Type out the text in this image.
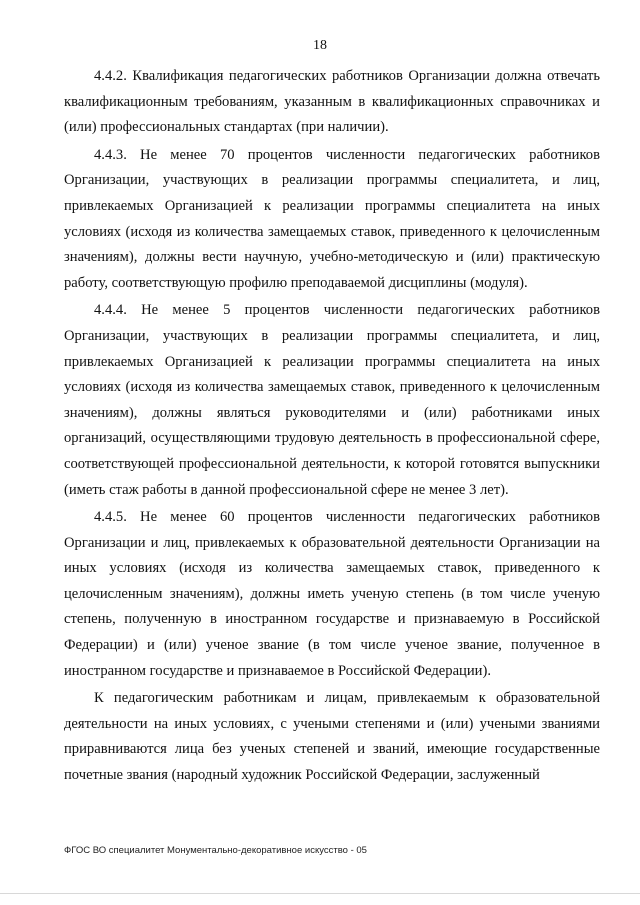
18

4.4.2. Квалификация педагогических работников Организации должна отвечать квалификационным требованиям, указанным в квалификационных справочниках и (или) профессиональных стандартах (при наличии).

4.4.3. Не менее 70 процентов численности педагогических работников Организации, участвующих в реализации программы специалитета, и лиц, привлекаемых Организацией к реализации программы специалитета на иных условиях (исходя из количества замещаемых ставок, приведенного к целочисленным значениям), должны вести научную, учебно-методическую и (или) практическую работу, соответствующую профилю преподаваемой дисциплины (модуля).

4.4.4. Не менее 5 процентов численности педагогических работников Организации, участвующих в реализации программы специалитета, и лиц, привлекаемых Организацией к реализации программы специалитета на иных условиях (исходя из количества замещаемых ставок, приведенного к целочисленным значениям), должны являться руководителями и (или) работниками иных организаций, осуществляющими трудовую деятельность в профессиональной сфере, соответствующей профессиональной деятельности, к которой готовятся выпускники (иметь стаж работы в данной профессиональной сфере не менее 3 лет).

4.4.5. Не менее 60 процентов численности педагогических работников Организации и лиц, привлекаемых к образовательной деятельности Организации на иных условиях (исходя из количества замещаемых ставок, приведенного к целочисленным значениям), должны иметь ученую степень (в том числе ученую степень, полученную в иностранном государстве и признаваемую в Российской Федерации) и (или) ученое звание (в том числе ученое звание, полученное в иностранном государстве и признаваемое в Российской Федерации).

К педагогическим работникам и лицам, привлекаемым к образовательной деятельности на иных условиях, с учеными степенями и (или) учеными званиями приравниваются лица без ученых степеней и званий, имеющие государственные почетные звания (народный художник Российской Федерации, заслуженный

ФГОС ВО специалитет Монументально-декоративное искусство - 05
